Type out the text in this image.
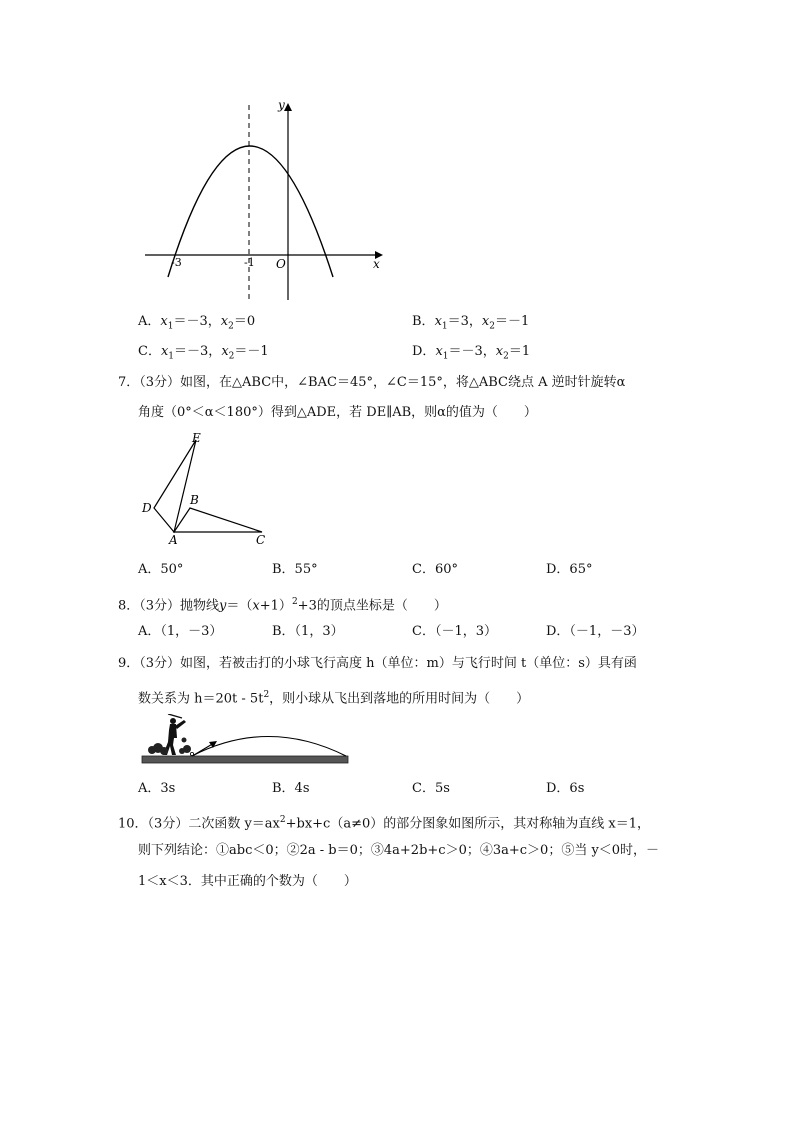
y
x
O
-3	-1
A．$x_1=-3$，$x_2=0$	B．$x_1=3$，$x_2=-1$
C．$x_1=-3$，$x_2=-1$	D．$x_1=-3$，$x_2=1$
7．（3分）如图，在△ABC中，∠BAC＝45°，∠C＝15°，将△ABC绕点 A 逆时针旋转α
角度（0°＜α＜180°）得到△ADE，若 DE∥AB，则α的值为（　　）
E
D
B
A	C
A．50°	B．55°	C．60°	D．65°
8．（3分）抛物线$y=(x+1)^2+3$的顶点坐标是（　　）
A．（1，－3）	B．（1，3）	C．（－1，3）	D．（－1，－3）
9．（3分）如图，若被击打的小球飞行高度 h（单位：m）与飞行时间 t（单位：s）具有函
数关系为 $h=20t - 5t^2$，则小球从飞出到落地的所用时间为（　　）
A．3s	B．4s	C．5s	D．6s
10．（3分）二次函数 $y=ax^2+bx+c(a\ne 0)$的部分图象如图所示，其对称轴为直线 x＝1，
则下列结论：①abc＜0；②2a - b＝0；③4a+2b+c＞0；④3a+c＞0；⑤当 y＜0时，－
1＜x＜3．其中正确的个数为（　　）
